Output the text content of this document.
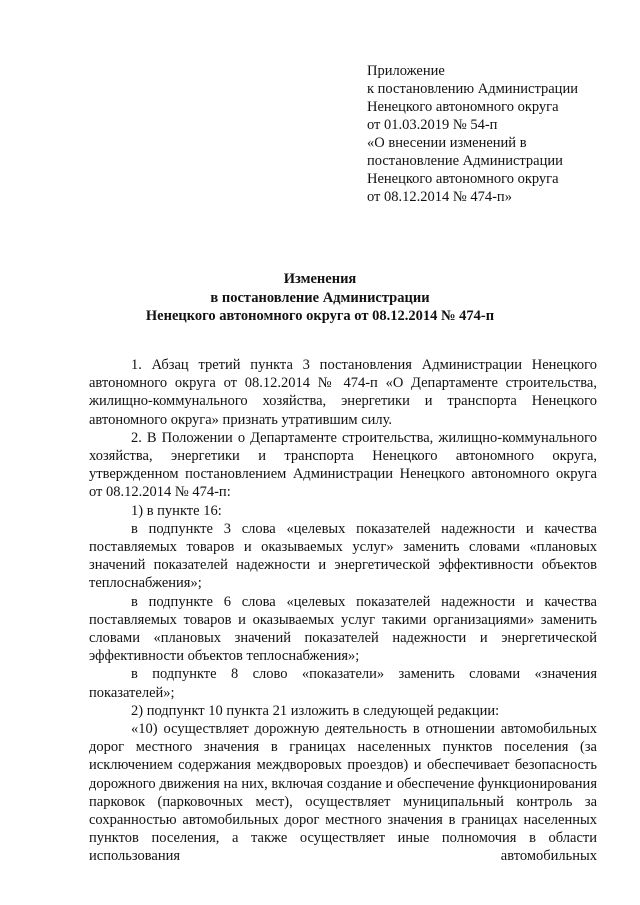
Приложение
к постановлению Администрации
Ненецкого автономного округа
от 01.03.2019 № 54-п
«О внесении изменений в
постановление Администрации
Ненецкого автономного округа
от 08.12.2014 № 474-п»
Изменения
в постановление Администрации
Ненецкого автономного округа от 08.12.2014 № 474-п

1. Абзац третий пункта 3 постановления Администрации Ненецкого автономного округа от 08.12.2014 № 474-п «О Департаменте строительства, жилищно-коммунального хозяйства, энергетики и транспорта Ненецкого автономного округа» признать утратившим силу.

2. В Положении о Департаменте строительства, жилищно-коммунального хозяйства, энергетики и транспорта Ненецкого автономного округа, утвержденном постановлением Администрации Ненецкого автономного округа от 08.12.2014 № 474-п:

1) в пункте 16:

в подпункте 3 слова «целевых показателей надежности и качества поставляемых товаров и оказываемых услуг» заменить словами «плановых значений показателей надежности и энергетической эффективности объектов теплоснабжения»;

в подпункте 6 слова «целевых показателей надежности и качества поставляемых товаров и оказываемых услуг такими организациями» заменить словами «плановых значений показателей надежности и энергетической эффективности объектов теплоснабжения»;

в подпункте 8 слово «показатели» заменить словами «значения показателей»;

2) подпункт 10 пункта 21 изложить в следующей редакции:

«10) осуществляет дорожную деятельность в отношении автомобильных дорог местного значения в границах населенных пунктов поселения (за исключением содержания междворовых проездов) и обеспечивает безопасность дорожного движения на них, включая создание и обеспечение функционирования парковок (парковочных мест), осуществляет муниципальный контроль за сохранностью автомобильных дорог местного значения в границах населенных пунктов поселения, а также осуществляет иные полномочия в области использования автомобильных
